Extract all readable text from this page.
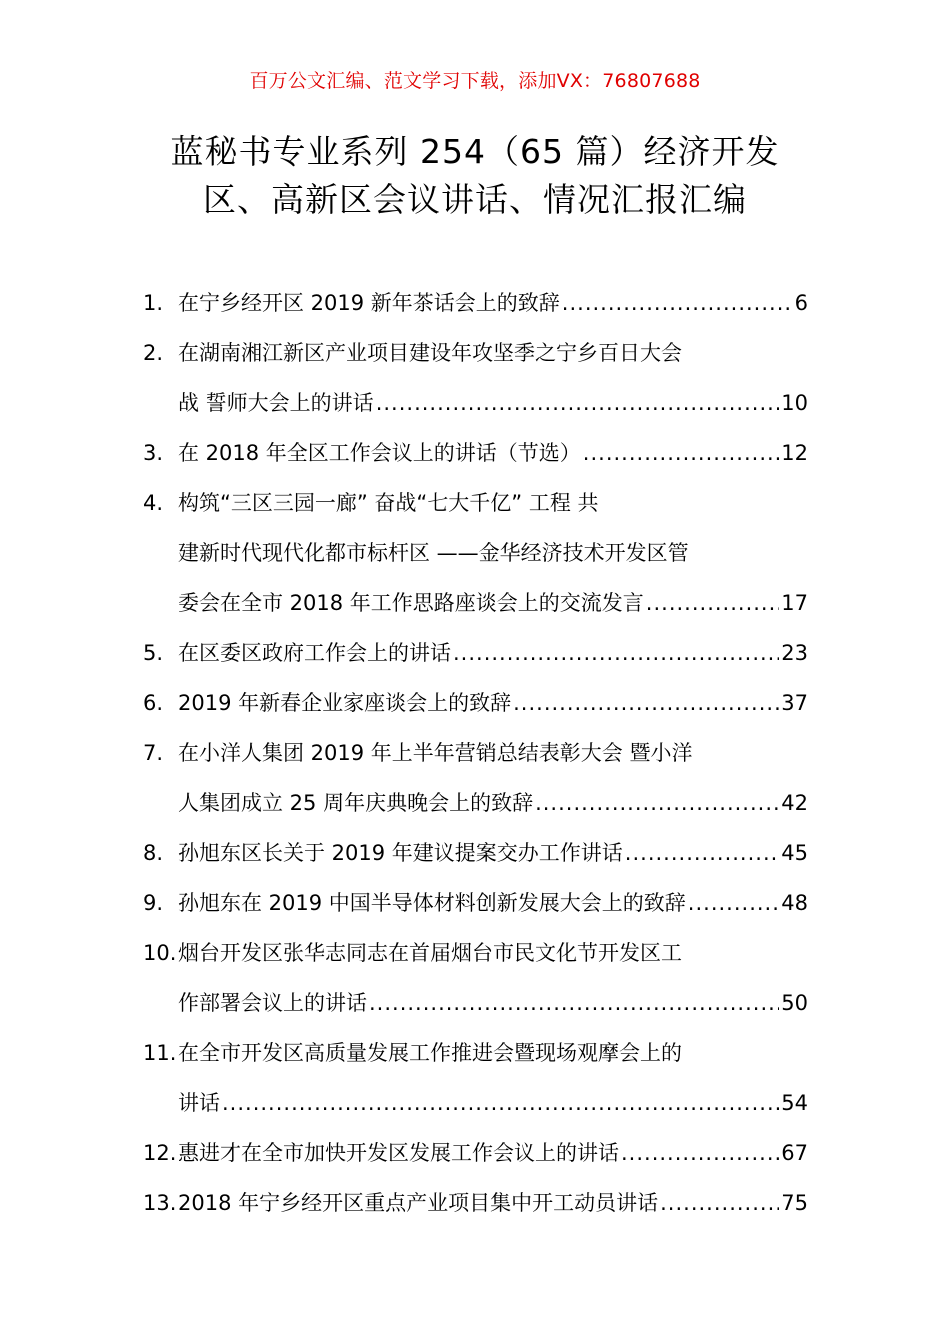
百万公文汇编、范文学习下载，添加VX：76807688
蓝秘书专业系列 254（65 篇）经济开发
区、高新区会议讲话、情况汇报汇编
1. 在宁乡经开区 2019 新年茶话会上的致辞 .....	6
2. 在湖南湘江新区产业项目建设年攻坚季之宁乡百日大会
战 誓师大会上的讲话 .....	10
3. 在 2018 年全区工作会议上的讲话（节选） .....	12
4. 构筑“三区三园一廊” 奋战“七大千亿” 工程 共
建新时代现代化都市标杆区 ——金华经济技术开发区管
委会在全市 2018 年工作思路座谈会上的交流发言 .....	17
5. 在区委区政府工作会上的讲话 .....	23
6. 2019 年新春企业家座谈会上的致辞 .....	37
7. 在小洋人集团 2019 年上半年营销总结表彰大会 暨小洋
人集团成立 25 周年庆典晚会上的致辞 .....	42
8. 孙旭东区长关于 2019 年建议提案交办工作讲话 .....	45
9. 孙旭东在 2019 中国半导体材料创新发展大会上的致辞 .....	48
10. 烟台开发区张华志同志在首届烟台市民文化节开发区工
作部署会议上的讲话 .....	50
11. 在全市开发区高质量发展工作推进会暨现场观摩会上的
讲话 .....	54
12. 惠进才在全市加快开发区发展工作会议上的讲话 .....	67
13. 2018 年宁乡经开区重点产业项目集中开工动员讲话 .....	75
